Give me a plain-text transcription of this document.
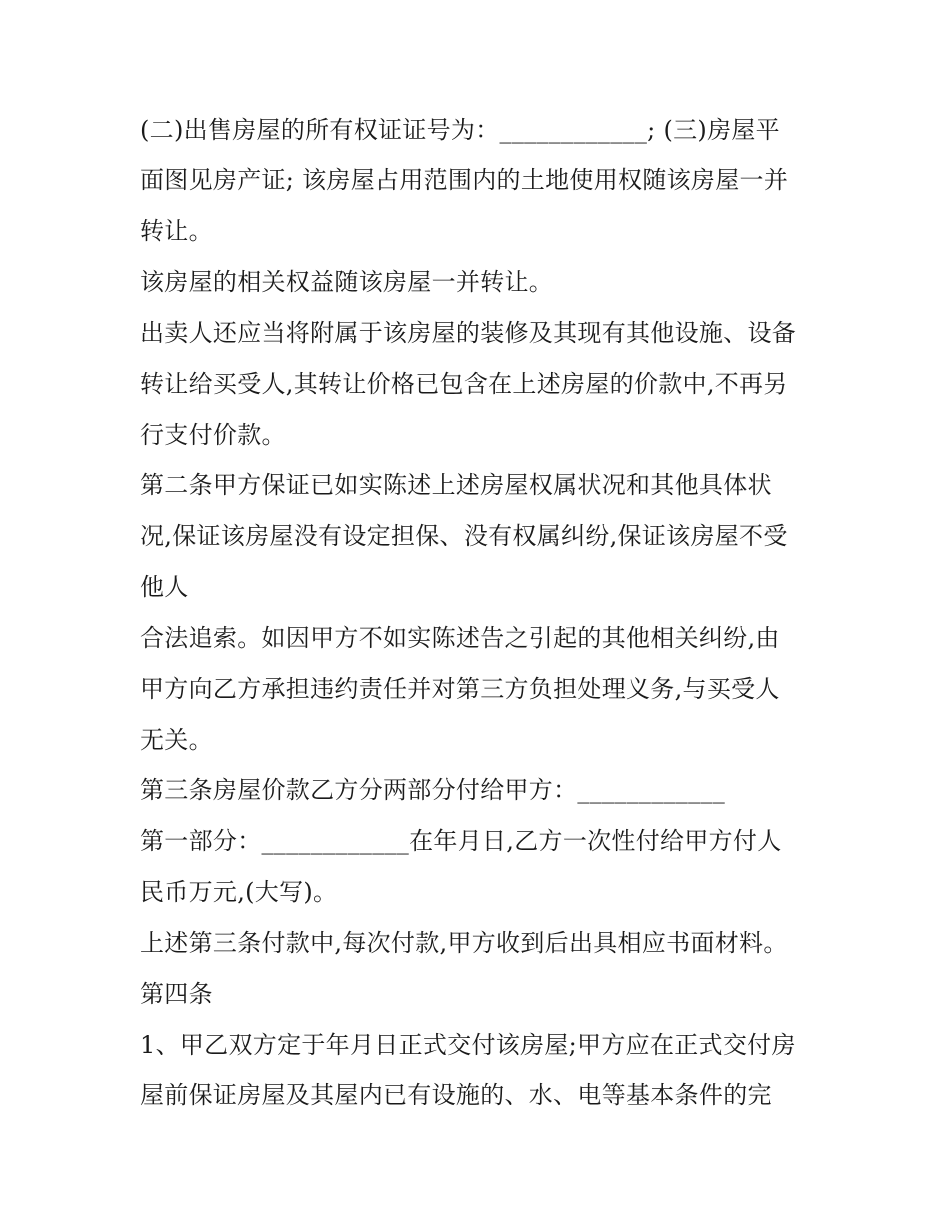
(二)出售房屋的所有权证证号为：____________; (三)房屋平
面图见房产证; 该房屋占用范围内的土地使用权随该房屋一并
转让。
该房屋的相关权益随该房屋一并转让。
出卖人还应当将附属于该房屋的装修及其现有其他设施、设备
转让给买受人,其转让价格已包含在上述房屋的价款中,不再另
行支付价款。
第二条甲方保证已如实陈述上述房屋权属状况和其他具体状
况,保证该房屋没有设定担保、没有权属纠纷,保证该房屋不受
他人
合法追索。如因甲方不如实陈述告之引起的其他相关纠纷,由
甲方向乙方承担违约责任并对第三方负担处理义务,与买受人
无关。
第三条房屋价款乙方分两部分付给甲方：____________
第一部分：____________在年月日,乙方一次性付给甲方付人
民币万元,(大写)。
上述第三条付款中,每次付款,甲方收到后出具相应书面材料。
第四条
1、甲乙双方定于年月日正式交付该房屋;甲方应在正式交付房
屋前保证房屋及其屋内已有设施的、水、电等基本条件的完
